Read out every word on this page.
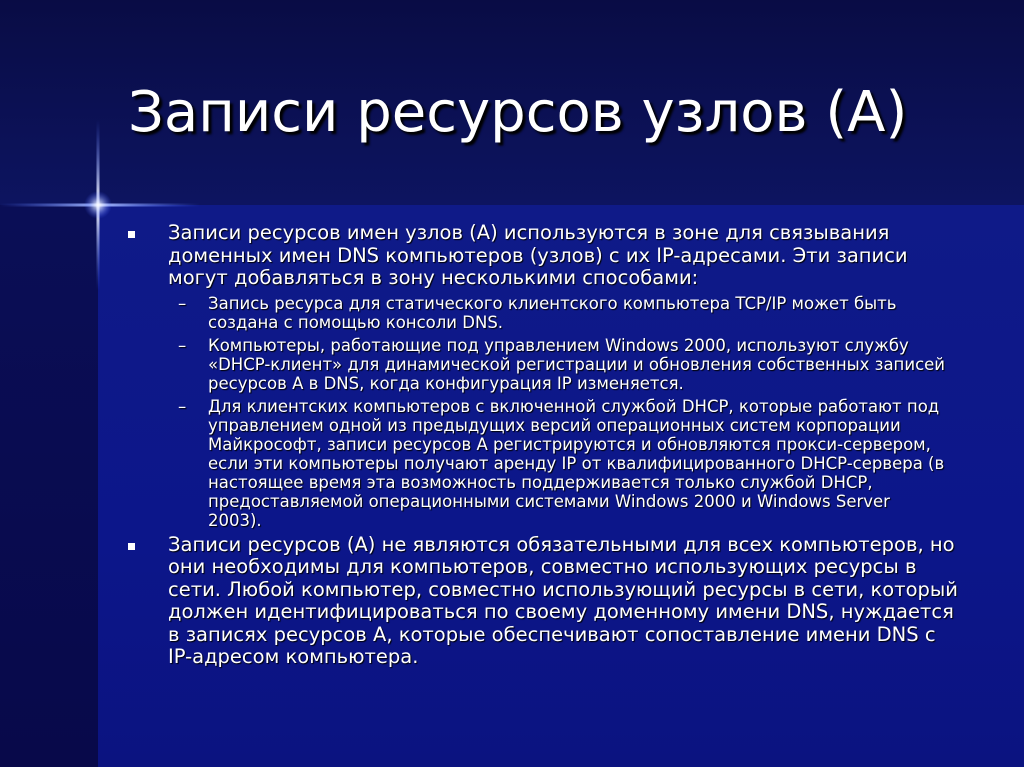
Записи ресурсов узлов (А)
Записи ресурсов имен узлов (А) используются в зоне для связывания доменных имен DNS компьютеров (узлов) с их IP-адресами. Эти записи могут добавляться в зону несколькими способами:
– Запись ресурса для статического клиентского компьютера TCP/IP может быть создана с помощью консоли DNS.
– Компьютеры, работающие под управлением Windows 2000, используют службу «DHCP-клиент» для динамической регистрации и обновления собственных записей ресурсов А в DNS, когда конфигурация IP изменяется.
– Для клиентских компьютеров с включенной службой DHCP, которые работают под управлением одной из предыдущих версий операционных систем корпорации Майкрософт, записи ресурсов А регистрируются и обновляются прокси-сервером, если эти компьютеры получают аренду IP от квалифицированного DHCP-сервера (в настоящее время эта возможность поддерживается только службой DHCP, предоставляемой операционными системами Windows 2000 и Windows Server 2003).
Записи ресурсов (А) не являются обязательными для всех компьютеров, но они необходимы для компьютеров, совместно использующих ресурсы в сети. Любой компьютер, совместно использующий ресурсы в сети, который должен идентифицироваться по своему доменному имени DNS, нуждается в записях ресурсов А, которые обеспечивают сопоставление имени DNS с IP-адресом компьютера.
